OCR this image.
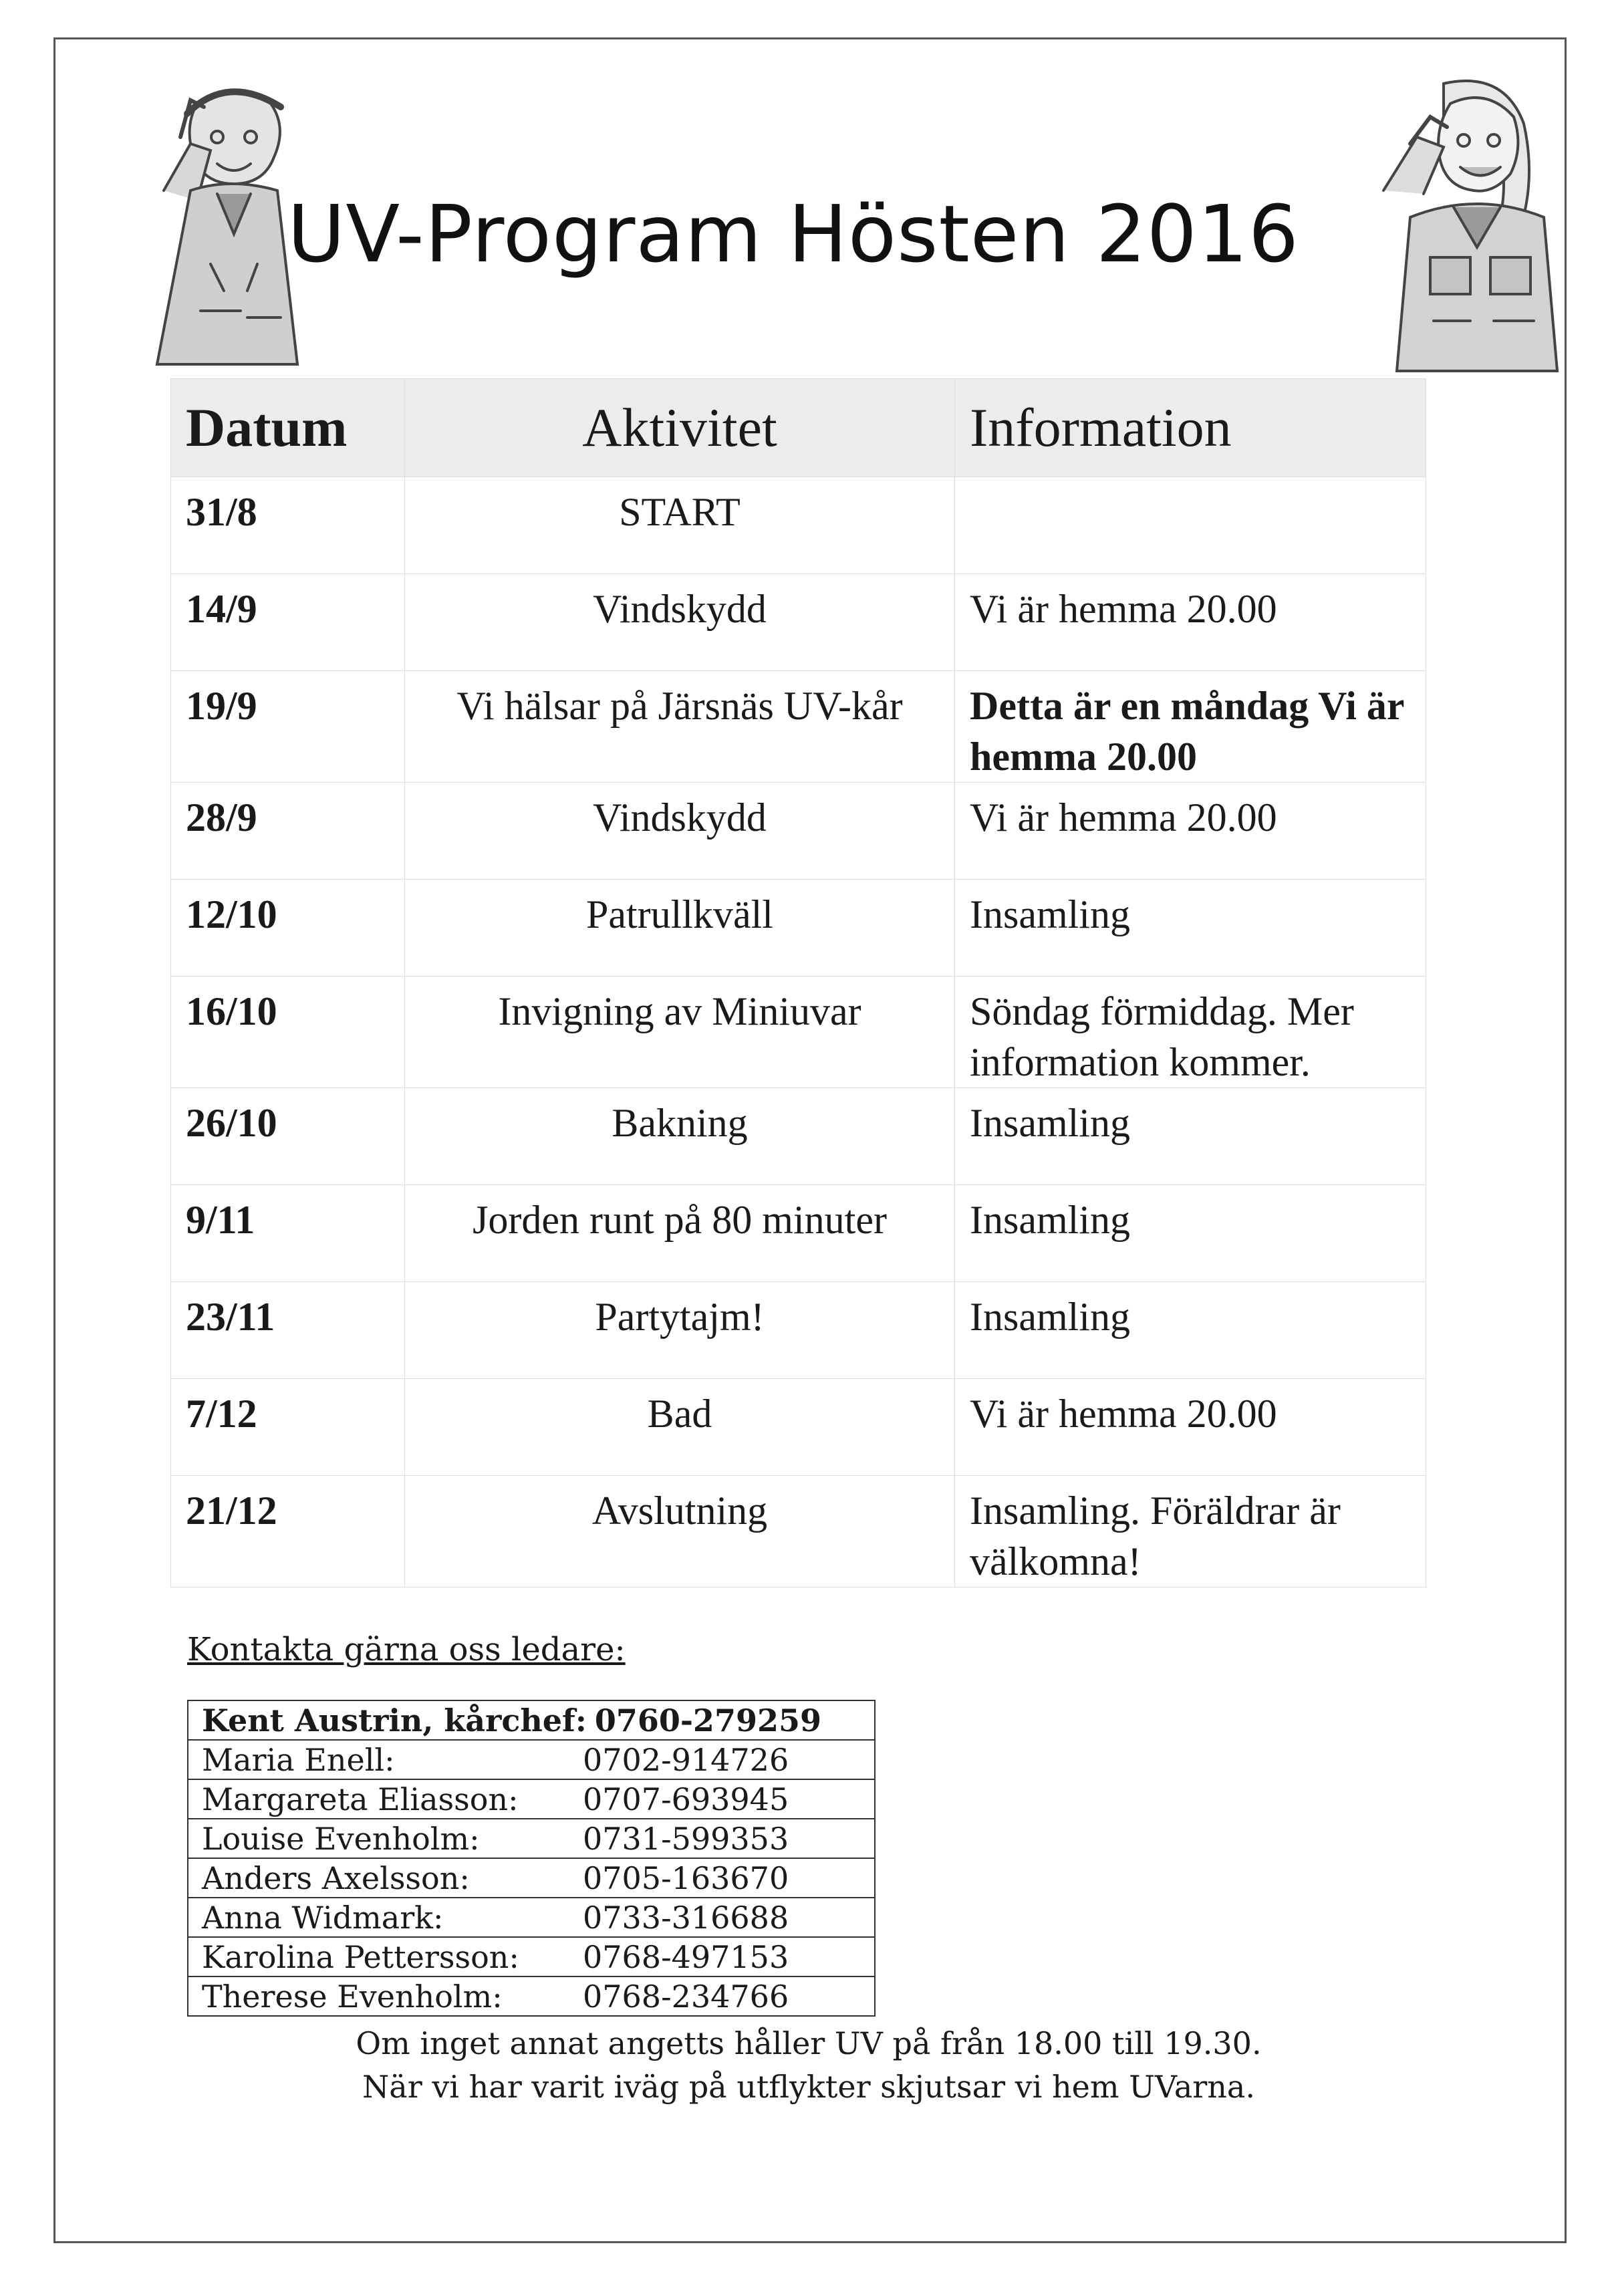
UV-Program Hösten 2016
Datum	Aktivitet	Information
31/8	START	
14/9	Vindskydd	Vi är hemma 20.00
19/9	Vi hälsar på Järsnäs UV-kår	Detta är en måndag Vi är hemma 20.00
28/9	Vindskydd	Vi är hemma 20.00
12/10	Patrullkväll	Insamling
16/10	Invigning av Miniuvar	Söndag förmiddag. Mer information kommer.
26/10	Bakning	Insamling
9/11	Jorden runt på 80 minuter	Insamling
23/11	Partytajm!	Insamling
7/12	Bad	Vi är hemma 20.00
21/12	Avslutning	Insamling. Föräldrar är välkomna!
Kontakta gärna oss ledare:
Kent Austrin, kårchef: 0760-279259
Maria Enell:	0702-914726
Margareta Eliasson: 0707-693945
Louise Evenholm:	0731-599353
Anders Axelsson:	0705-163670
Anna Widmark:	0733-316688
Karolina Pettersson: 0768-497153
Therese Evenholm:	0768-234766
Om inget annat angetts håller UV på från 18.00 till 19.30.
När vi har varit iväg på utflykter skjutsar vi hem UVarna.
